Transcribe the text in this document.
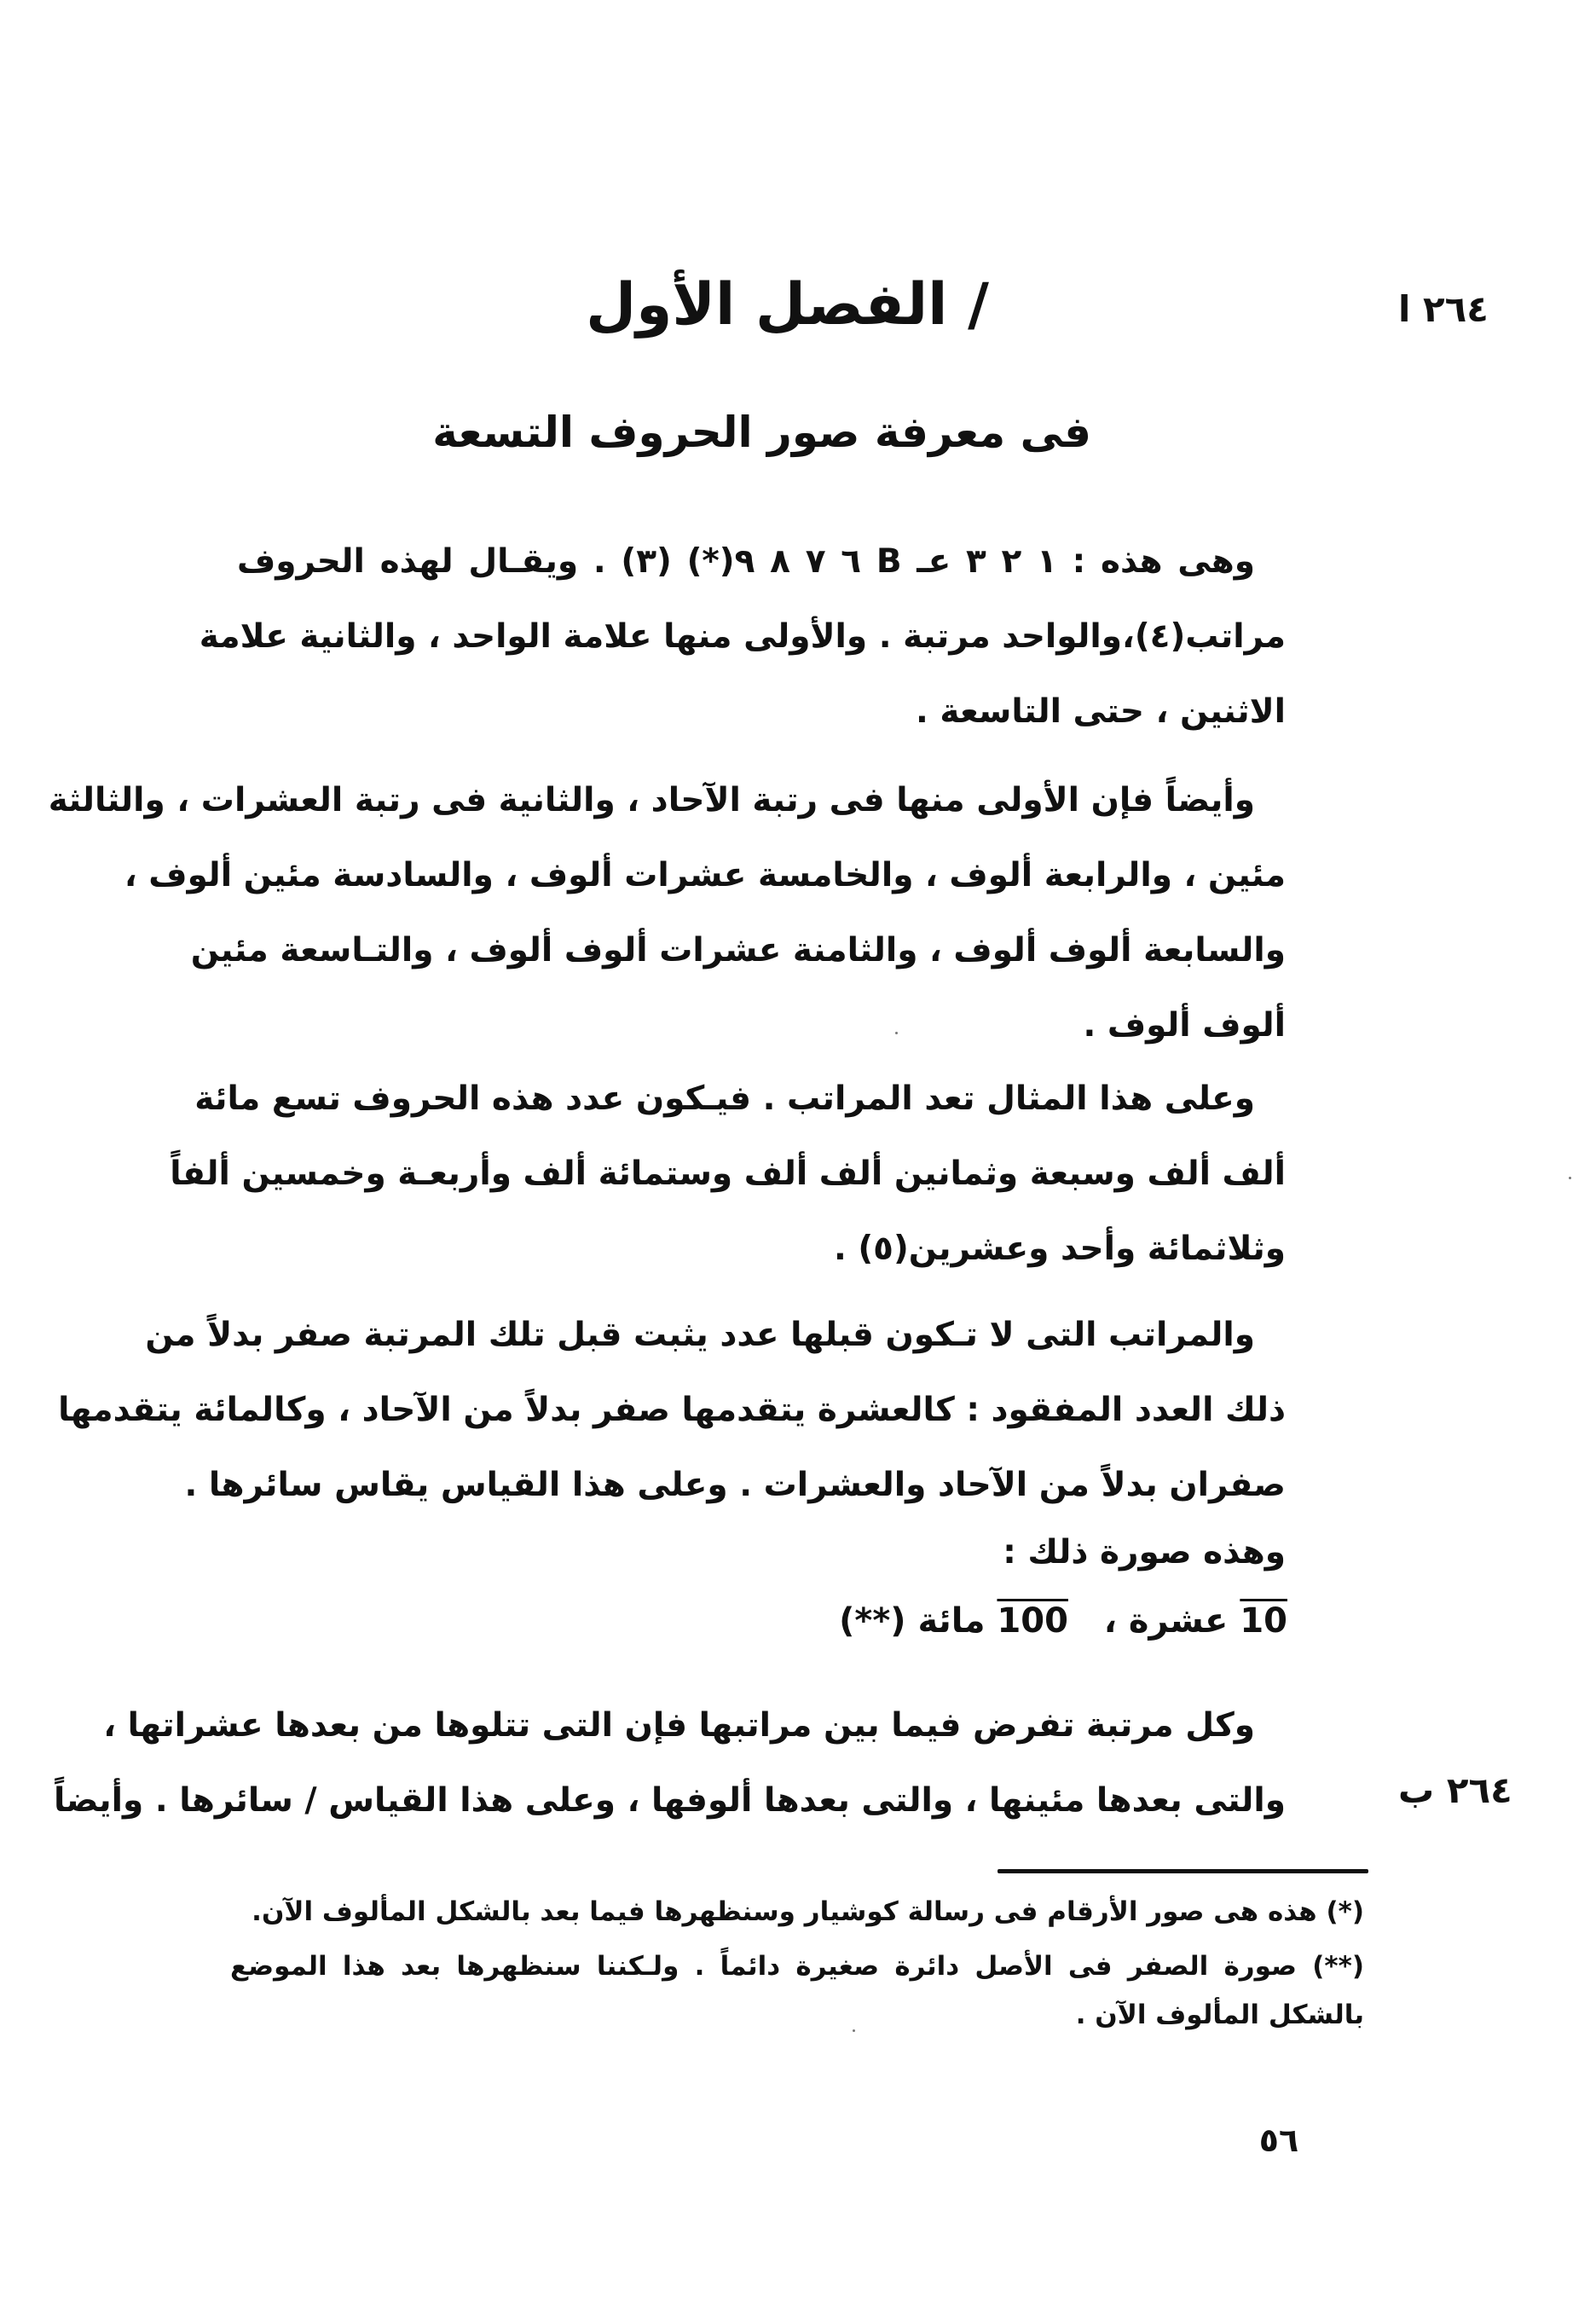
٢٦٤ ا
/ الفصل الأول
فى معرفة صور الحروف التسعة
وهى هذه : ١ ٢ ٣ عـ B ٦ ٧ ٨ ٩(*) (٣) . ويقـال لهذه الحروف
مراتب(٤)،والواحد مرتبة . والأولى منها علامة الواحد ، والثانية علامة
الاثنين ، حتى التاسعة .
وأيضاً فإن الأولى منها فى رتبة الآحاد ، والثانية فى رتبة العشرات ، والثالثة
مئين ، والرابعة ألوف ، والخامسة عشرات ألوف ، والسادسة مئين ألوف ،
والسابعة ألوف ألوف ، والثامنة عشرات ألوف ألوف ، والتـاسعة مئين
ألوف ألوف .
وعلى هذا المثال تعد المراتب . فيـكون عدد هذه الحروف تسع مائة
ألف ألف وسبعة وثمانين ألف ألف وستمائة ألف وأربعـة وخمسين ألفاً
وثلاثمائة وأحد وعشرين(٥) .
والمراتب التى لا تـكون قبلها عدد يثبت قبل تلك المرتبة صفر بدلاً من
ذلك العدد المفقود : كالعشرة يتقدمها صفر بدلاً من الآحاد ، وكالمائة يتقدمها
صفران بدلاً من الآحاد والعشرات . وعلى هذا القياس يقاس سائرها .
وهذه صورة ذلك :
10 عشرة ،   100 مائة (**)
وكل مرتبة تفرض فيما بين مراتبها فإن التى تتلوها من بعدها عشراتها ،
والتى بعدها مئينها ، والتى بعدها ألوفها ، وعلى هذا القياس / سائرها . وأيضاً	٢٦٤ ب
(*) هذه هى صور الأرقام فى رسالة كوشيار وسنظهرها فيما بعد بالشكل المألوف الآن.
(**) صورة الصفر فى الأصل دائرة صغيرة دائماً . ولـكننا سنظهرها بعد هذا الموضع
بالشكل المألوف الآن .
٥٦
